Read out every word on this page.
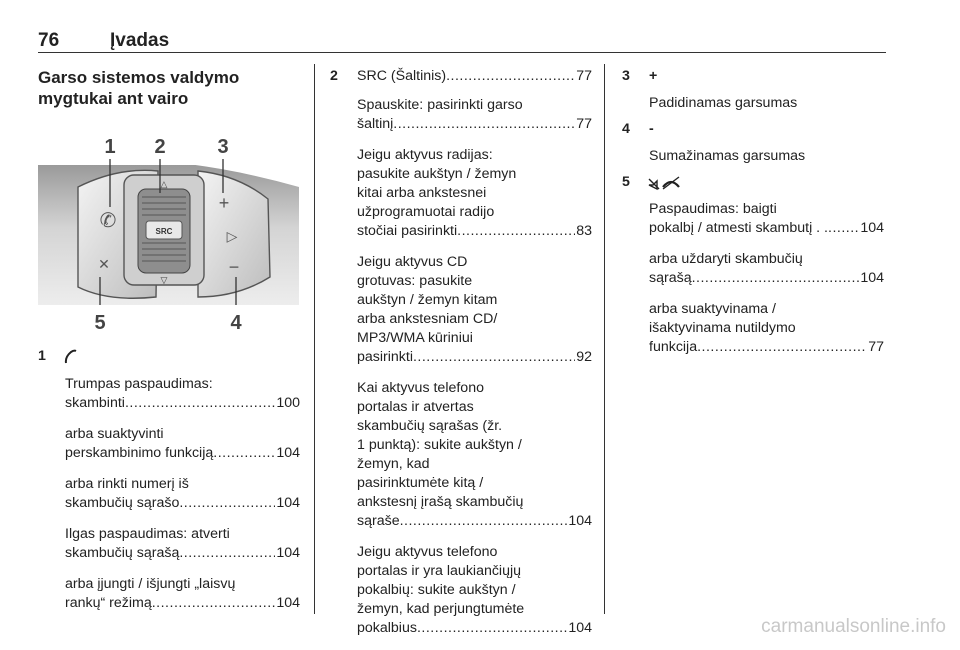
76	Įvadas
Garso sistemos valdymo
mygtukai ant vairo
SRC
△
▽
✆
✕
+
▷
−
1 2	3
5	4
1
Trumpas paspaudimas:
skambinti .....	100
arba suaktyvinti
perskambinimo funkciją .....	104
arba rinkti numerį iš
skambučių sąrašo .....	104
Ilgas paspaudimas: atverti
skambučių sąrašą .....	104
arba įjungti / išjungti „laisvų
rankų“ režimą .....	104
2 SRC (Šaltinis) .....	77
Spauskite: pasirinkti garso
šaltinį .....	77
Jeigu aktyvus radijas:
pasukite aukštyn / žemyn
kitai arba ankstesnei
užprogramuotai radijo
stočiai pasirinkti .....	83
Jeigu aktyvus CD
grotuvas: pasukite
aukštyn / žemyn kitam
arba ankstesniam CD/
MP3/WMA kūriniui
pasirinkti .....	92
Kai aktyvus telefono
portalas ir atvertas
skambučių sąrašas (žr.
1 punktą): sukite aukštyn /
žemyn, kad
pasirinktumėte kitą /
ankstesnį įrašą skambučių
sąraše .....	104
Jeigu aktyvus telefono
portalas ir yra laukiančiųjų
pokalbių: sukite aukštyn /
žemyn, kad perjungtumėte
pokalbius .....	104
3 +
Padidinamas garsumas
4 -
Sumažinamas garsumas
5
Paspaudimas: baigti
pokalbį / atmesti skambutį . . ..... 104
arba uždaryti skambučių
sąrašą .....	104
arba suaktyvinama /
išaktyvinama nutildymo
funkcija .....	77
carmanualsonline.info
